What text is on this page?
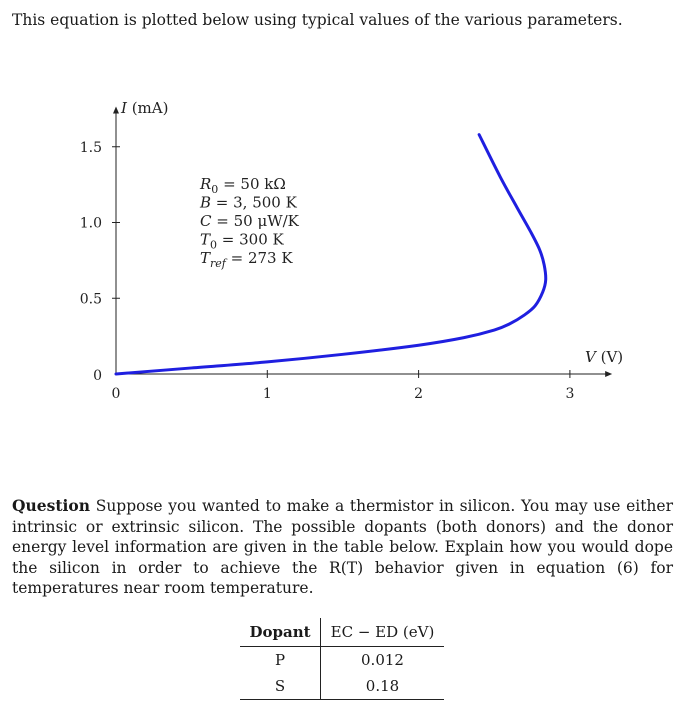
This equation is plotted below using typical values of the various parameters.
I (mA)
V (V)
1	2	3
0.5
1.0
1.5
0
0
$R_0 = 50$ kΩ
B = 3, 500 K
C = 50 μW/K
$T_0 = 300$ K
$T_{ref} = 273$ K
Question Suppose you wanted to make a thermistor in silicon. You may use either intrinsic or extrinsic silicon. The possible dopants (both donors) and the donor energy level information are given in the table below. Explain how you would dope the silicon in order to achieve the R(T) behavior given in equation (6) for temperatures near room temperature.
Dopant	EC − ED (eV)
P	0.012
S	0.18
